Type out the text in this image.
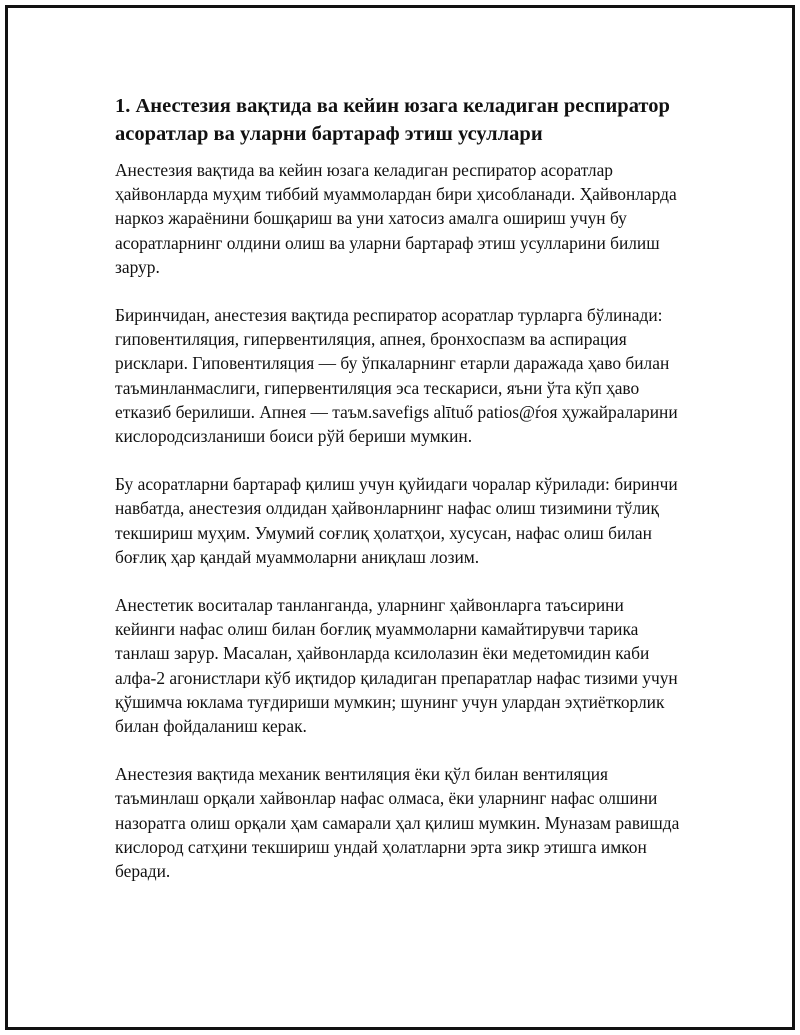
1. Анестезия вақтида ва кейин юзага келадиган респиратор асоратлар ва уларни бартараф этиш усуллари

Анестезия вақтида ва кейин юзага келадиган респиратор асоратлар ҳайвонларда муҳим тиббий муаммолардан бири ҳисобланади. Ҳайвонларда наркоз жараёнини бошқариш ва уни хатосиз амалга ошириш учун бу асоратларнинг олдини олиш ва уларни бартараф этиш усулларини билиш зарур.

Биринчидан, анестезия вақтида респиратор асоратлар турларга бўлинади: гиповентиляция, гипервентиляция, апнея, бронхоспазм ва аспирация рисклари. Гиповентиляция — бу ўпкаларнинг етарли даражада ҳаво билан таъминланмаслиги, гипервентиляция эса тескариси, яъни ўта кўп ҳаво етказиб берилиши. Апнея — таъм.savefigs alītuő patios@ŕoя ҳужайраларини кислородсизланиши боиси рўй бериши мумкин.

Бу асоратларни бартараф қилиш учун қуйидаги чоралар кўрилади: биринчи навбатда, анестезия олдидан ҳайвонларнинг нафас олиш тизимини тўлиқ текшириш муҳим. Умумий соғлиқ ҳолатҳои, хусусан, нафас олиш билан боғлиқ ҳар қандай муаммоларни аниқлаш лозим.

Анестетик воситалар танланганда, уларнинг ҳайвонларга таъсирини кейинги нафас олиш билан боғлиқ муаммоларни камайтирувчи тарика танлаш зарур. Масалан, ҳайвонларда ксилолазин ёки медетомидин каби алфа-2 агонистлари кўб иқтидор қиладиган препаратлар нафас тизими учун қўшимча юклама туғдириши мумкин; шунинг учун улардан эҳтиёткорлик билан фойдаланиш керак.

Анестезия вақтида механик вентиляция ёки қўл билан вентиляция таъминлаш орқали хайвонлар нафас олмаса, ёки уларнинг нафас олшини назоратга олиш орқали ҳам самарали ҳал қилиш мумкин. Муназам равишда кислород сатҳини текшириш ундай ҳолатларни эрта зикр этишга имкон беради.
